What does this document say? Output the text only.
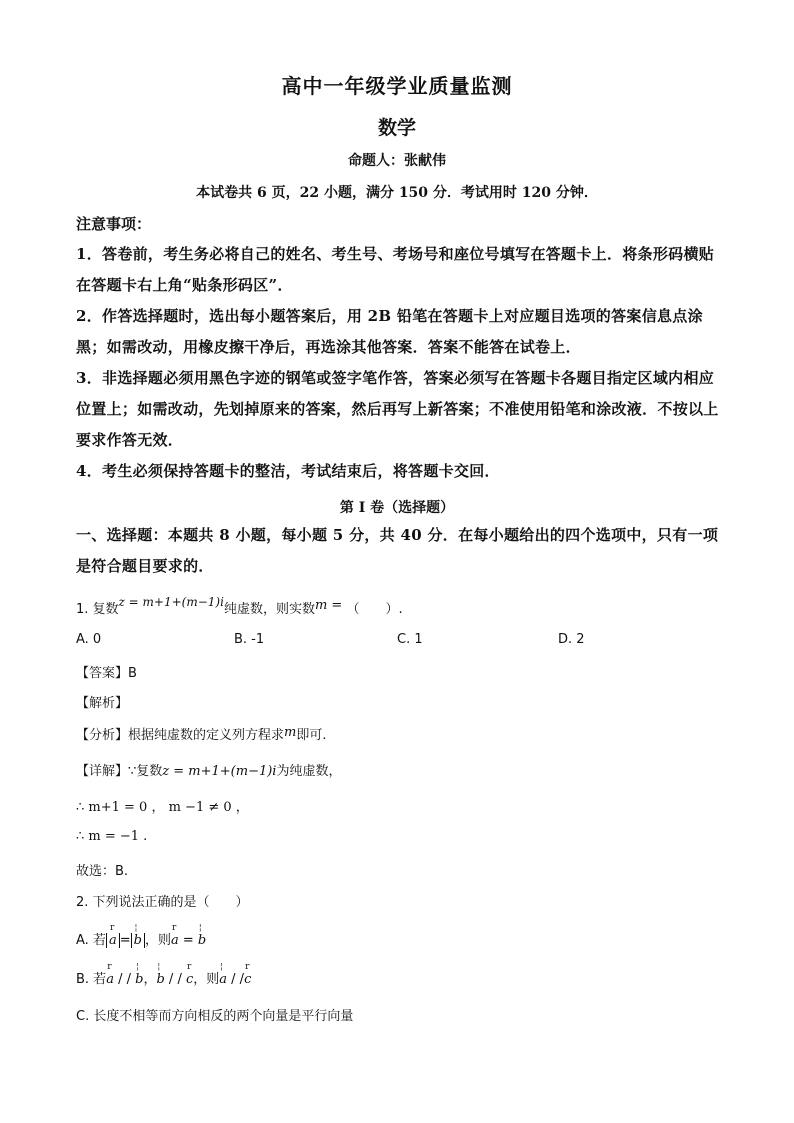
高中一年级学业质量监测
数学
命题人：张献伟
本试卷共 6 页，22 小题，满分 150 分．考试用时 120 分钟．
注意事项：
1．答卷前，考生务必将自己的姓名、考生号、考场号和座位号填写在答题卡上．将条形码横贴在答题卡右上角“贴条形码区”．
2．作答选择题时，选出每小题答案后，用 2B 铅笔在答题卡上对应题目选项的答案信息点涂黑；如需改动，用橡皮擦干净后，再选涂其他答案．答案不能答在试卷上．
3．非选择题必须用黑色字迹的钢笔或签字笔作答，答案必须写在答题卡各题目指定区域内相应位置上；如需改动，先划掉原来的答案，然后再写上新答案；不准使用铅笔和涂改液．不按以上要求作答无效．
4．考生必须保持答题卡的整洁，考试结束后，将答题卡交回．
第 I 卷（选择题）
一、选择题：本题共 8 小题，每小题 5 分，共 40 分．在每小题给出的四个选项中，只有一项是符合题目要求的．
1. 复数z = m+1+(m−1)i纯虚数，则实数m = （　　）.
A. 0	B. -1	C. 1	D. 2
【答案】B
【解析】
【分析】根据纯虚数的定义列方程求m即可.
【详解】∵复数z = m+1+(m−1)i为纯虚数，
∴ m+1 = 0 ， m −1 ≠ 0 ，
∴ m = −1 .
故选：B.
2. 下列说法正确的是（　　）
A. 若 r a = ¦ b ，则r a = ¦ b
B. 若r a / / ¦ b，¦ b / / r c，则¦ a / /r c
C. 长度不相等而方向相反的两个向量是平行向量
